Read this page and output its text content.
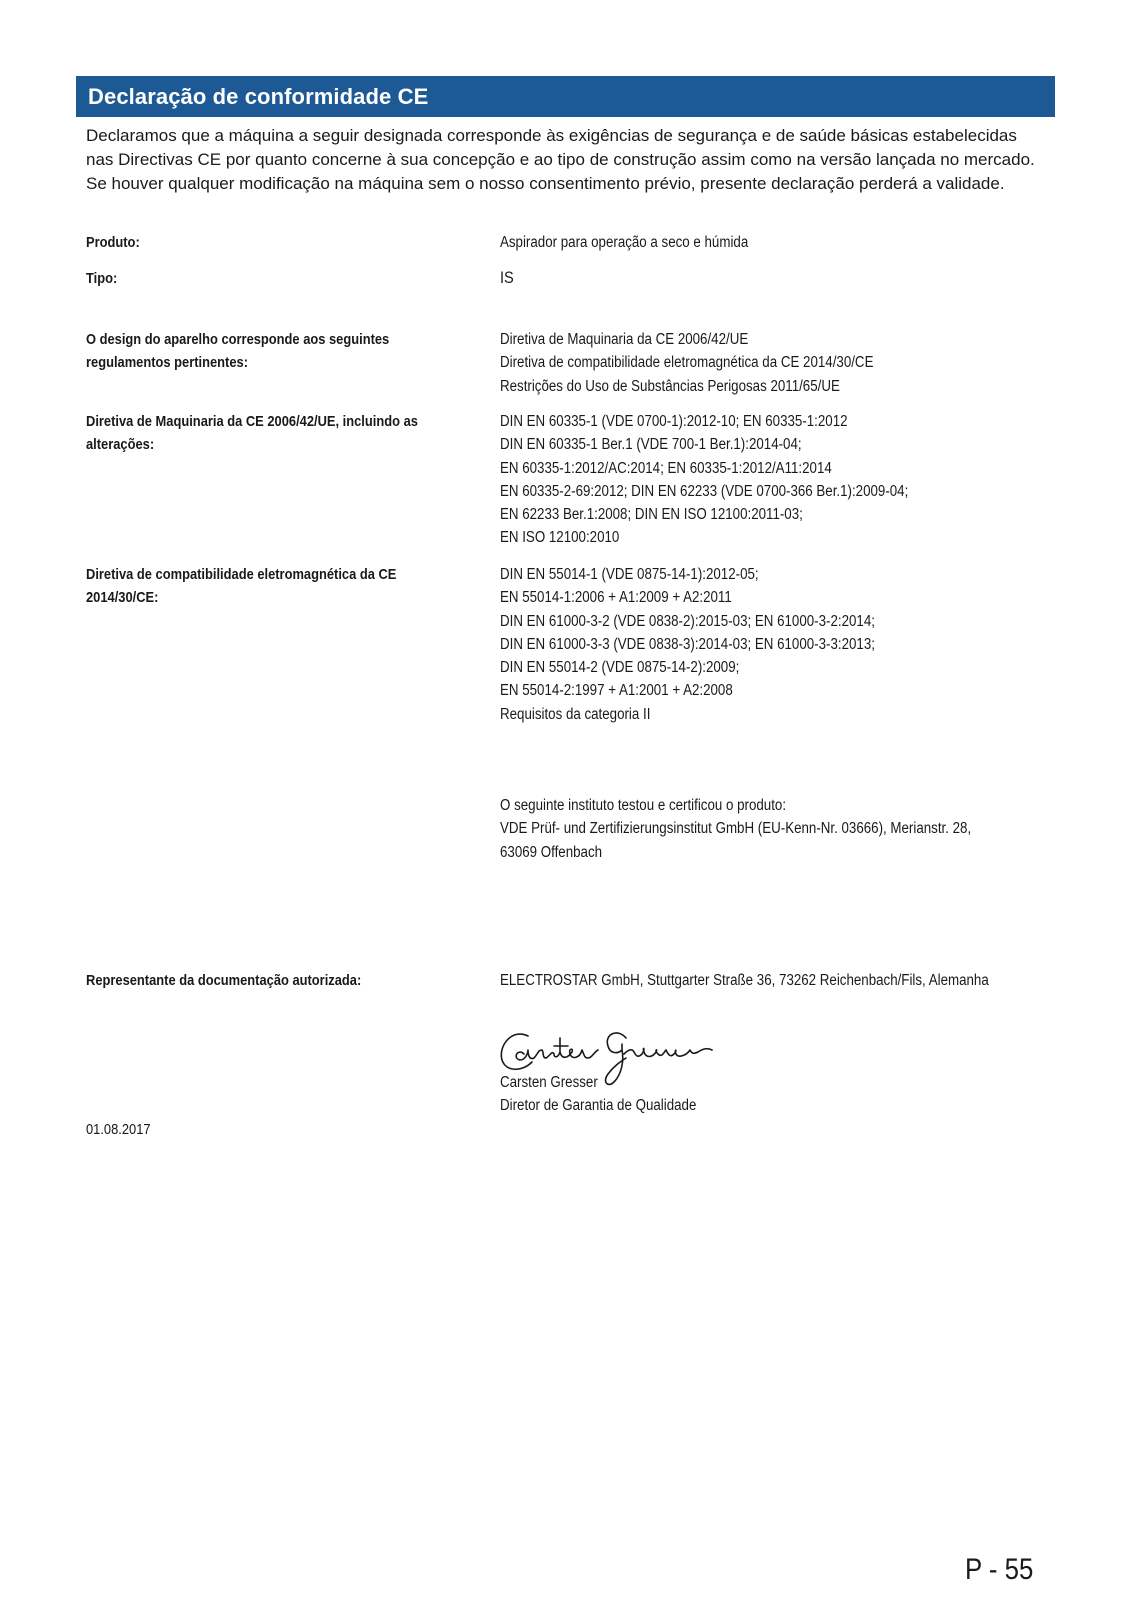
Declaração de conformidade CE

Declaramos que a máquina a seguir designada corresponde às exigências de segurança e de saúde básicas estabelecidas nas Directivas CE por quanto concerne à sua concepção e ao tipo de construção assim como na versão lançada no mercado. Se houver qualquer modificação na máquina sem o nosso consentimento prévio, presente declaração perderá a validade.

Produto:	Aspirador para operação a seco e húmida
Tipo:	IS
O design do aparelho corresponde aos seguintes regulamentos pertinentes:
Diretiva de Maquinaria da CE 2006/42/UE
Diretiva de compatibilidade eletromagnética da CE 2014/30/CE
Restrições do Uso de Substâncias Perigosas 2011/65/UE
Diretiva de Maquinaria da CE 2006/42/UE, incluindo as alterações:
DIN EN 60335-1 (VDE 0700-1):2012-10; EN 60335-1:2012
DIN EN 60335-1 Ber.1 (VDE 700-1 Ber.1):2014-04;
EN 60335-1:2012/AC:2014; EN 60335-1:2012/A11:2014
EN 60335-2-69:2012; DIN EN 62233 (VDE 0700-366 Ber.1):2009-04;
EN 62233 Ber.1:2008; DIN EN ISO 12100:2011-03;
EN ISO 12100:2010
Diretiva de compatibilidade eletromagnética da CE 2014/30/CE:
DIN EN 55014-1 (VDE 0875-14-1):2012-05;
EN 55014-1:2006 + A1:2009 + A2:2011
DIN EN 61000-3-2 (VDE 0838-2):2015-03; EN 61000-3-2:2014;
DIN EN 61000-3-3 (VDE 0838-3):2014-03; EN 61000-3-3:2013;
DIN EN 55014-2 (VDE 0875-14-2):2009;
EN 55014-2:1997 + A1:2001 + A2:2008
Requisitos da categoria II
O seguinte instituto testou e certificou o produto:
VDE Prüf- und Zertifizierungsinstitut GmbH (EU-Kenn-Nr. 03666), Merianstr. 28,
63069 Offenbach
Representante da documentação autorizada:	ELECTROSTAR GmbH, Stuttgarter Straße 36, 73262 Reichenbach/Fils, Alemanha
Carsten Gresser
Diretor de Garantia de Qualidade
01.08.2017
P - 55
